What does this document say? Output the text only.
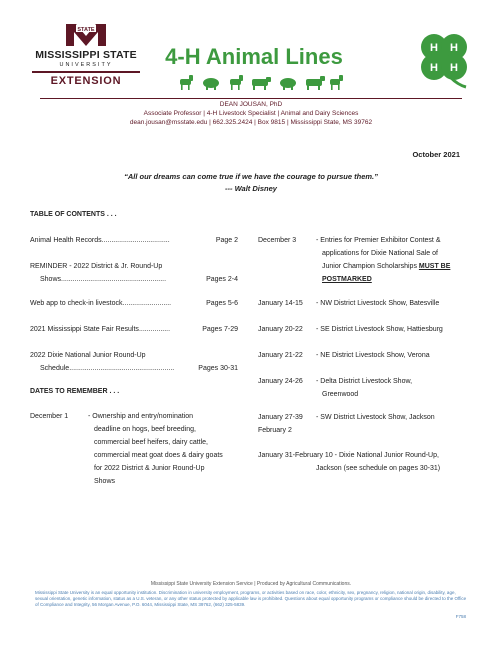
STATE
MISSISSIPPI STATE
UNIVERSITY
EXTENSION
4-H Animal Lines	H H
H H
DEAN JOUSAN, PhD
Associate Professor | 4-H Livestock Specialist | Animal and Dairy Sciences
dean.jousan@msstate.edu | 662.325.2424 | Box 9815 | Mississippi State, MS 39762
October 2021
“All our dreams can come true if we have the courage to pursue them.”
--- Walt Disney
TABLE OF CONTENTS . . .
Animal Health Records ...................................	Page 2
REMINDER - 2022 District & Jr. Round-Up
Shows ......................................................	Pages 2-4
Web app to check-in livestock .........................	Pages 5-6
2021 Mississippi State Fair Results ................	Pages 7-29
2022 Dixie National Junior Round-Up
Schedule ......................................................	Pages 30-31
DATES TO REMEMBER . . .
December 1	- Ownership and entry/nomination
deadline on hogs, beef breeding,
commercial beef heifers, dairy cattle,
commercial meat goat does & dairy goats
for 2022 District & Junior Round-Up
Shows
December 3	- Entries for Premier Exhibitor Contest &
applications for Dixie National Sale of
Junior Champion Scholarships MUST BE
POSTMARKED
January 14-15 - NW District Livestock Show, Batesville
January 20-22 - SE District Livestock Show, Hattiesburg
January 21-22 - NE District Livestock Show, Verona
January 24-26 - Delta District Livestock Show,
Greenwood
January 27-39
February 2
- SW District Livestock Show, Jackson
January 31-February 10 - Dixie National Junior Round-Up,
Jackson (see schedule on pages 30-31)
Mississippi State University Extension Service | Produced by Agricultural Communications.
Mississippi State University is an equal opportunity institution. Discrimination in university employment, programs, or activities based on race, color, ethnicity, sex, pregnancy, religion, national origin, disability, age, sexual orientation, genetic information, status as a U.S. veteran, or any other status protected by applicable law is prohibited. Questions about equal opportunity programs or compliance should be directed to the Office of Compliance and Integrity, 56 Morgan Avenue, P.O. 6044, Mississippi State, MS 39762, (662) 325-5839.
F758
